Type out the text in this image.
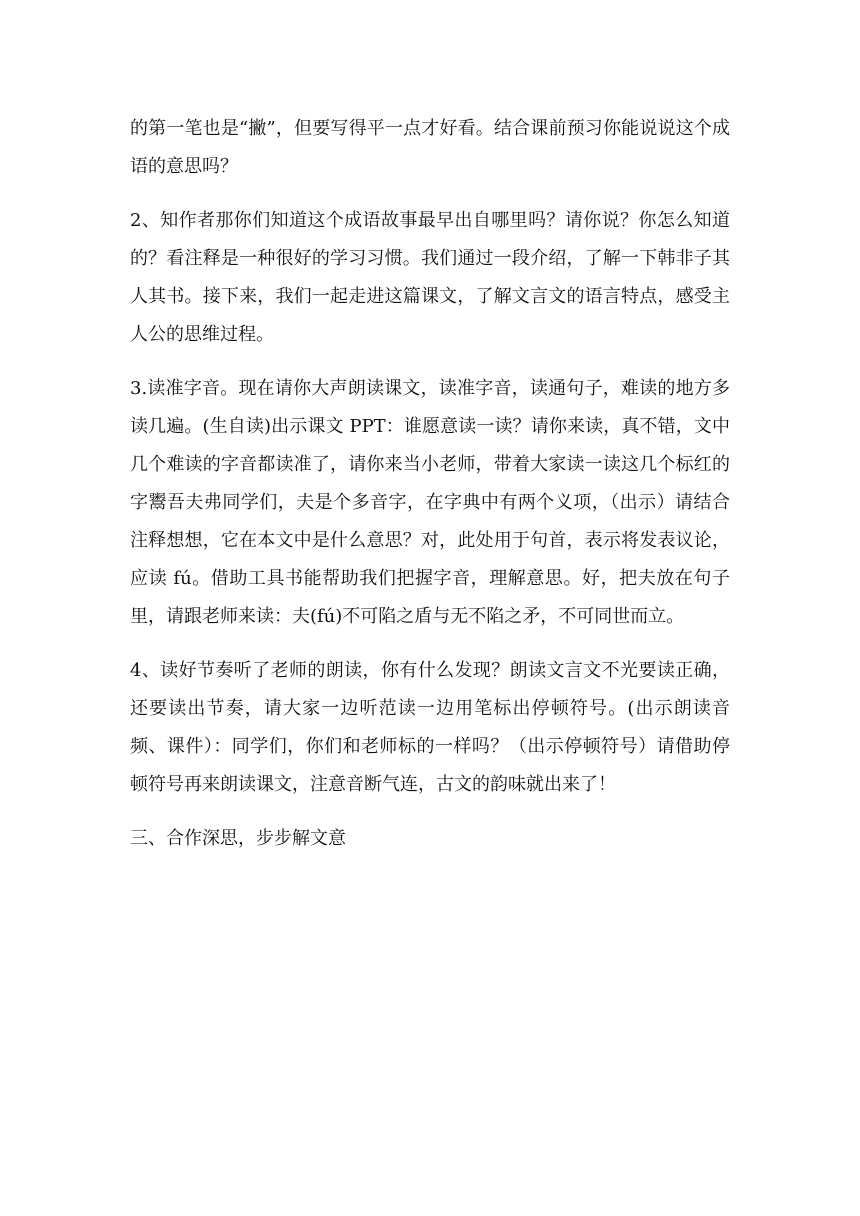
的第一笔也是“撇”，但要写得平一点才好看。结合课前预习你能说说这个成语的意思吗？

2、知作者那你们知道这个成语故事最早出自哪里吗？请你说？你怎么知道的？看注释是一种很好的学习习惯。我们通过一段介绍，了解一下韩非子其人其书。接下来，我们一起走进这篇课文，了解文言文的语言特点，感受主人公的思维过程。

3.读准字音。现在请你大声朗读课文，读准字音，读通句子，难读的地方多读几遍。(生自读)出示课文 PPT：谁愿意读一读？请你来读，真不错，文中几个难读的字音都读准了，请你来当小老师，带着大家读一读这几个标红的字鬻吾夫弗同学们，夫是个多音字，在字典中有两个义项，（出示）请结合注释想想，它在本文中是什么意思？对，此处用于句首，表示将发表议论，应读 fú。借助工具书能帮助我们把握字音，理解意思。好，把夫放在句子里，请跟老师来读：夫(fú)不可陷之盾与无不陷之矛，不可同世而立。

4、读好节奏听了老师的朗读，你有什么发现？朗读文言文不光要读正确，还要读出节奏，请大家一边听范读一边用笔标出停顿符号。(出示朗读音频、课件）：同学们，你们和老师标的一样吗？（出示停顿符号）请借助停顿符号再来朗读课文，注意音断气连，古文的韵味就出来了！

三、合作深思，步步解文意
